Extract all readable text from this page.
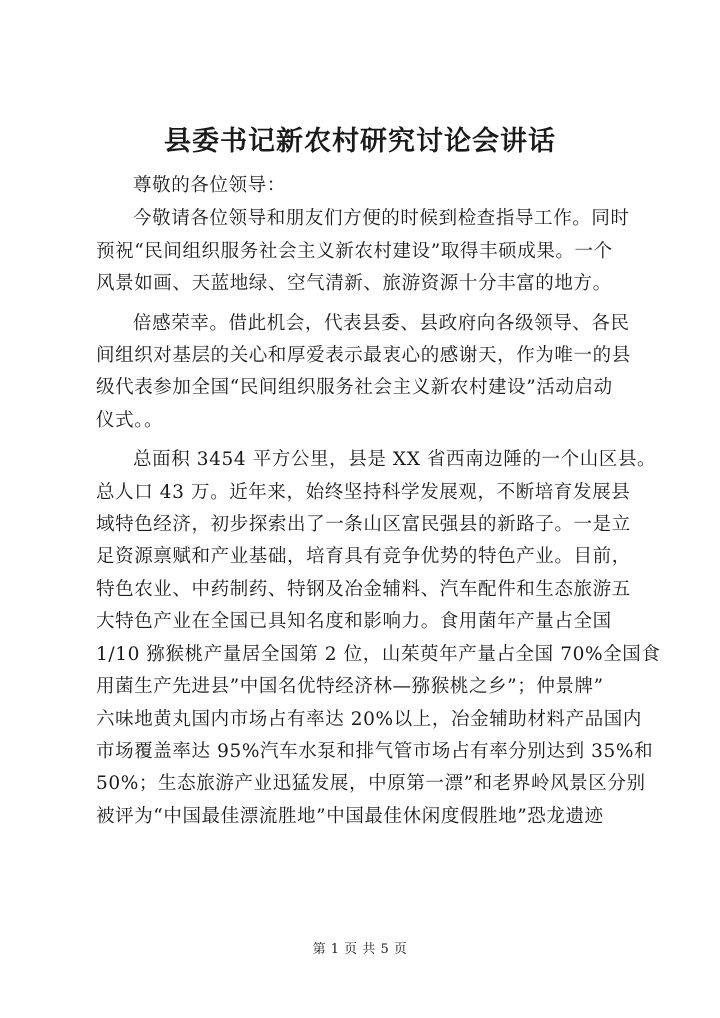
县委书记新农村研究讨论会讲话
尊敬的各位领导：
今敬请各位领导和朋友们方便的时候到检查指导工作。同时
预祝“民间组织服务社会主义新农村建设”取得丰硕成果。一个
风景如画、天蓝地绿、空气清新、旅游资源十分丰富的地方。
倍感荣幸。借此机会，代表县委、县政府向各级领导、各民
间组织对基层的关心和厚爱表示最衷心的感谢天，作为唯一的县
级代表参加全国“民间组织服务社会主义新农村建设”活动启动
仪式。。
总面积 3454 平方公里，县是 XX 省西南边陲的一个山区县。
总人口 43 万。近年来，始终坚持科学发展观，不断培育发展县
域特色经济，初步探索出了一条山区富民强县的新路子。一是立
足资源禀赋和产业基础，培育具有竞争优势的特色产业。目前，
特色农业、中药制药、特钢及冶金辅料、汽车配件和生态旅游五
大特色产业在全国已具知名度和影响力。食用菌年产量占全国
1/10 猕猴桃产量居全国第 2 位，山茱萸年产量占全国 70%全国食
用菌生产先进县”中国名优特经济林—猕猴桃之乡”；仲景牌”
六味地黄丸国内市场占有率达 20%以上，冶金辅助材料产品国内
市场覆盖率达 95%汽车水泵和排气管市场占有率分别达到 35%和
50%；生态旅游产业迅猛发展，中原第一漂”和老界岭风景区分别
被评为“中国最佳漂流胜地”中国最佳休闲度假胜地”恐龙遗迹
第 1 页 共 5 页
